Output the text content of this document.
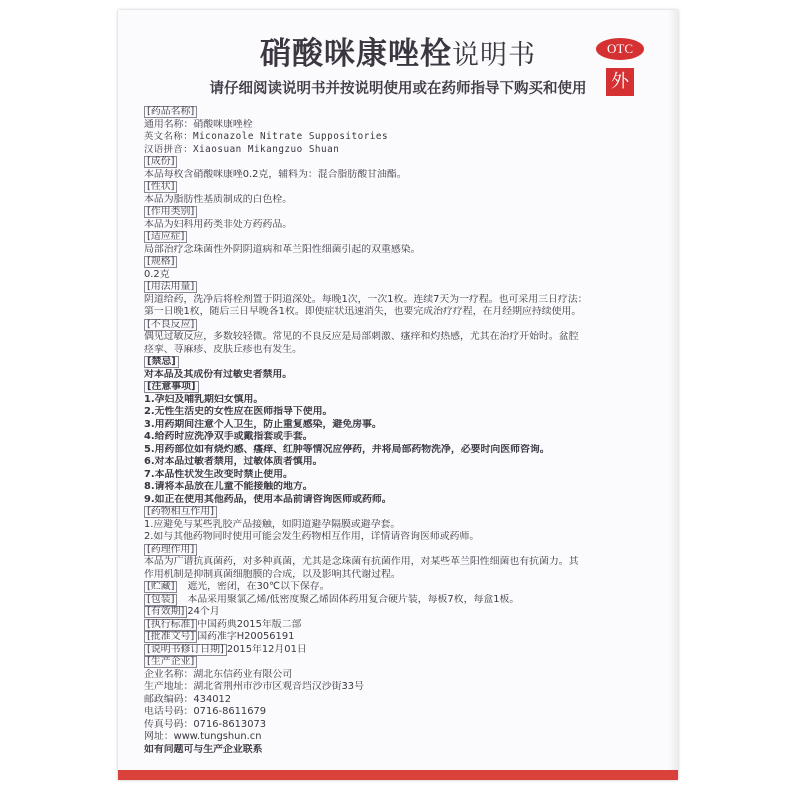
硝酸咪康唑栓说明书	OTC
外
请仔细阅读说明书并按说明使用或在药师指导下购买和使用
[药品名称]
通用名称：硝酸咪康唑栓
英文名称：Miconazole Nitrate Suppositories
汉语拼音：Xiaosuan Mikangzuo Shuan
[成份]
本品每枚含硝酸咪康唑0.2克，辅料为：混合脂肪酸甘油酯。
[性状]
本品为脂肪性基质制成的白色栓。
[作用类别]
本品为妇科用药类非处方药药品。
[适应症]
局部治疗念珠菌性外阴阴道病和革兰阳性细菌引起的双重感染。
[规格]
0.2克
[用法用量]
阴道给药，洗净后将栓剂置于阴道深处。每晚1次，一次1枚。连续7天为一疗程。也可采用三日疗法：
第一日晚1枚，随后三日早晚各1枚。即使症状迅速消失，也要完成治疗疗程，在月经期应持续使用。
[不良反应]
偶见过敏反应，多数较轻微。常见的不良反应是局部刺激、瘙痒和灼热感，尤其在治疗开始时。盆腔
痉挛、荨麻疹、皮肤丘疹也有发生。
[禁忌]
对本品及其成份有过敏史者禁用。
[注意事项]
1.孕妇及哺乳期妇女慎用。
2.无性生活史的女性应在医师指导下使用。
3.用药期间注意个人卫生，防止重复感染，避免房事。
4.给药时应洗净双手或戴指套或手套。
5.用药部位如有烧灼感、瘙痒、红肿等情况应停药，并将局部药物洗净，必要时向医师咨询。
6.对本品过敏者禁用，过敏体质者慎用。
7.本品性状发生改变时禁止使用。
8.请将本品放在儿童不能接触的地方。
9.如正在使用其他药品，使用本品前请咨询医师或药师。
[药物相互作用]
1.应避免与某些乳胶产品接触，如阴道避孕隔膜或避孕套。
2.如与其他药物同时使用可能会发生药物相互作用，详情请咨询医师或药师。
[药理作用]
本品为广谱抗真菌药，对多种真菌，尤其是念珠菌有抗菌作用，对某些革兰阳性细菌也有抗菌力。其
作用机制是抑制真菌细胞膜的合成，以及影响其代谢过程。
[贮藏]　遮光，密闭，在30℃以下保存。
[包装]　本品采用聚氯乙烯/低密度聚乙烯固体药用复合硬片装，每板7枚，每盒1板。
[有效期] 24个月
[执行标准] 中国药典2015年版二部
[批准文号] 国药准字H20056191
[说明书修订日期] 2015年12月01日
[生产企业]
企业名称：湖北东信药业有限公司
生产地址：湖北省荆州市沙市区观音垱汉沙街33号
邮政编码：434012
电话号码：0716-8611679
传真号码：0716-8613073
网址：www.tungshun.cn
如有问题可与生产企业联系
